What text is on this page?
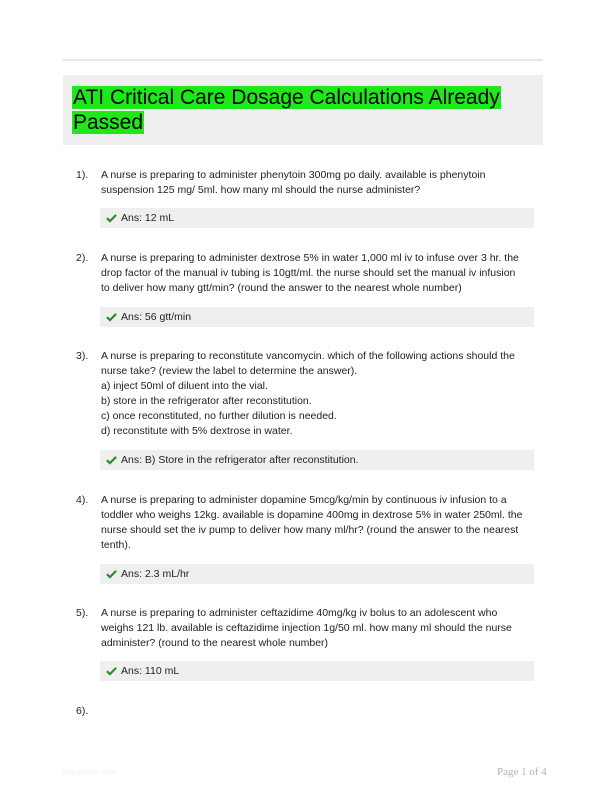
ATI Critical Care Dosage Calculations Already Passed
1). A nurse is preparing to administer phenytoin 300mg po daily. available is phenytoin
suspension 125 mg/ 5ml. how many ml should the nurse administer?

Ans: 12 mL
2). A nurse is preparing to administer dextrose 5% in water 1,000 ml iv to infuse over 3 hr. the
drop factor of the manual iv tubing is 10gtt/ml. the nurse should set the manual iv infusion
to deliver how many gtt/min? (round the answer to the nearest whole number)

Ans: 56 gtt/min
3). A nurse is preparing to reconstitute vancomycin. which of the following actions should the
nurse take? (review the label to determine the answer).
a) inject 50ml of diluent into the vial.
b) store in the refrigerator after reconstitution.
c) once reconstituted, no further dilution is needed.
d) reconstitute with 5% dextrose in water.

Ans: B) Store in the refrigerator after reconstitution.
4). A nurse is preparing to administer dopamine 5mcg/kg/min by continuous iv infusion to a
toddler who weighs 12kg. available is dopamine 400mg in dextrose 5% in water 250ml. the
nurse should set the iv pump to deliver how many ml/hr? (round the answer to the nearest
tenth).

Ans: 2.3 mL/hr
5). A nurse is preparing to administer ceftazidime 40mg/kg iv bolus to an adolescent who
weighs 121 lb. available is ceftazidime injection 1g/50 ml. how many ml should the nurse
administer? (round to the nearest whole number)

Ans: 110 mL
6).
Papertribe.com	Page 1 of 4
